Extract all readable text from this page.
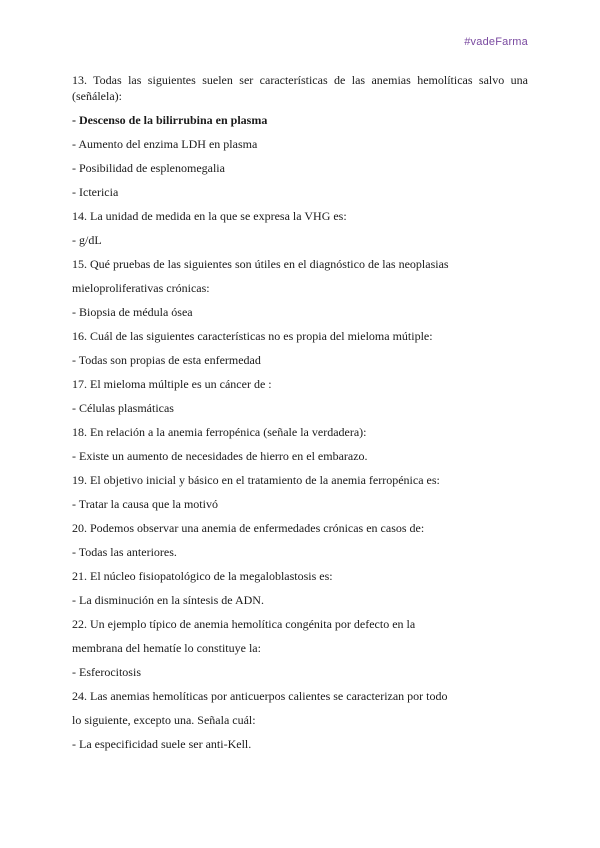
#vadeFarma
13. Todas las siguientes suelen ser características de las anemias hemolíticas salvo una (señálela):
- Descenso de la bilirrubina en plasma
- Aumento del enzima LDH en plasma
- Posibilidad de esplenomegalia
- Ictericia
14. La unidad de medida en la que se expresa la VHG es:
- g/dL
15. Qué pruebas de las siguientes son útiles en el diagnóstico de las neoplasias
mieloproliferativas crónicas:
- Biopsia de médula ósea
16. Cuál de las siguientes características no es propia del mieloma mútiple:
- Todas son propias de esta enfermedad
17. El mieloma múltiple es un cáncer de :
- Células plasmáticas
18. En relación a la anemia ferropénica (señale la verdadera):
- Existe un aumento de necesidades de hierro en el embarazo.
19. El objetivo inicial y básico en el tratamiento de la anemia ferropénica es:
- Tratar la causa que la motivó
20. Podemos observar una anemia de enfermedades crónicas en casos de:
- Todas las anteriores.
21. El núcleo fisiopatológico de la megaloblastosis es:
- La disminución en la síntesis de ADN.
22. Un ejemplo típico de anemia hemolítica congénita por defecto en la
membrana del hematíe lo constituye la:
- Esferocitosis
24. Las anemias hemolíticas por anticuerpos calientes se caracterizan por todo
lo siguiente, excepto una. Señala cuál:
- La especificidad suele ser anti-Kell.
